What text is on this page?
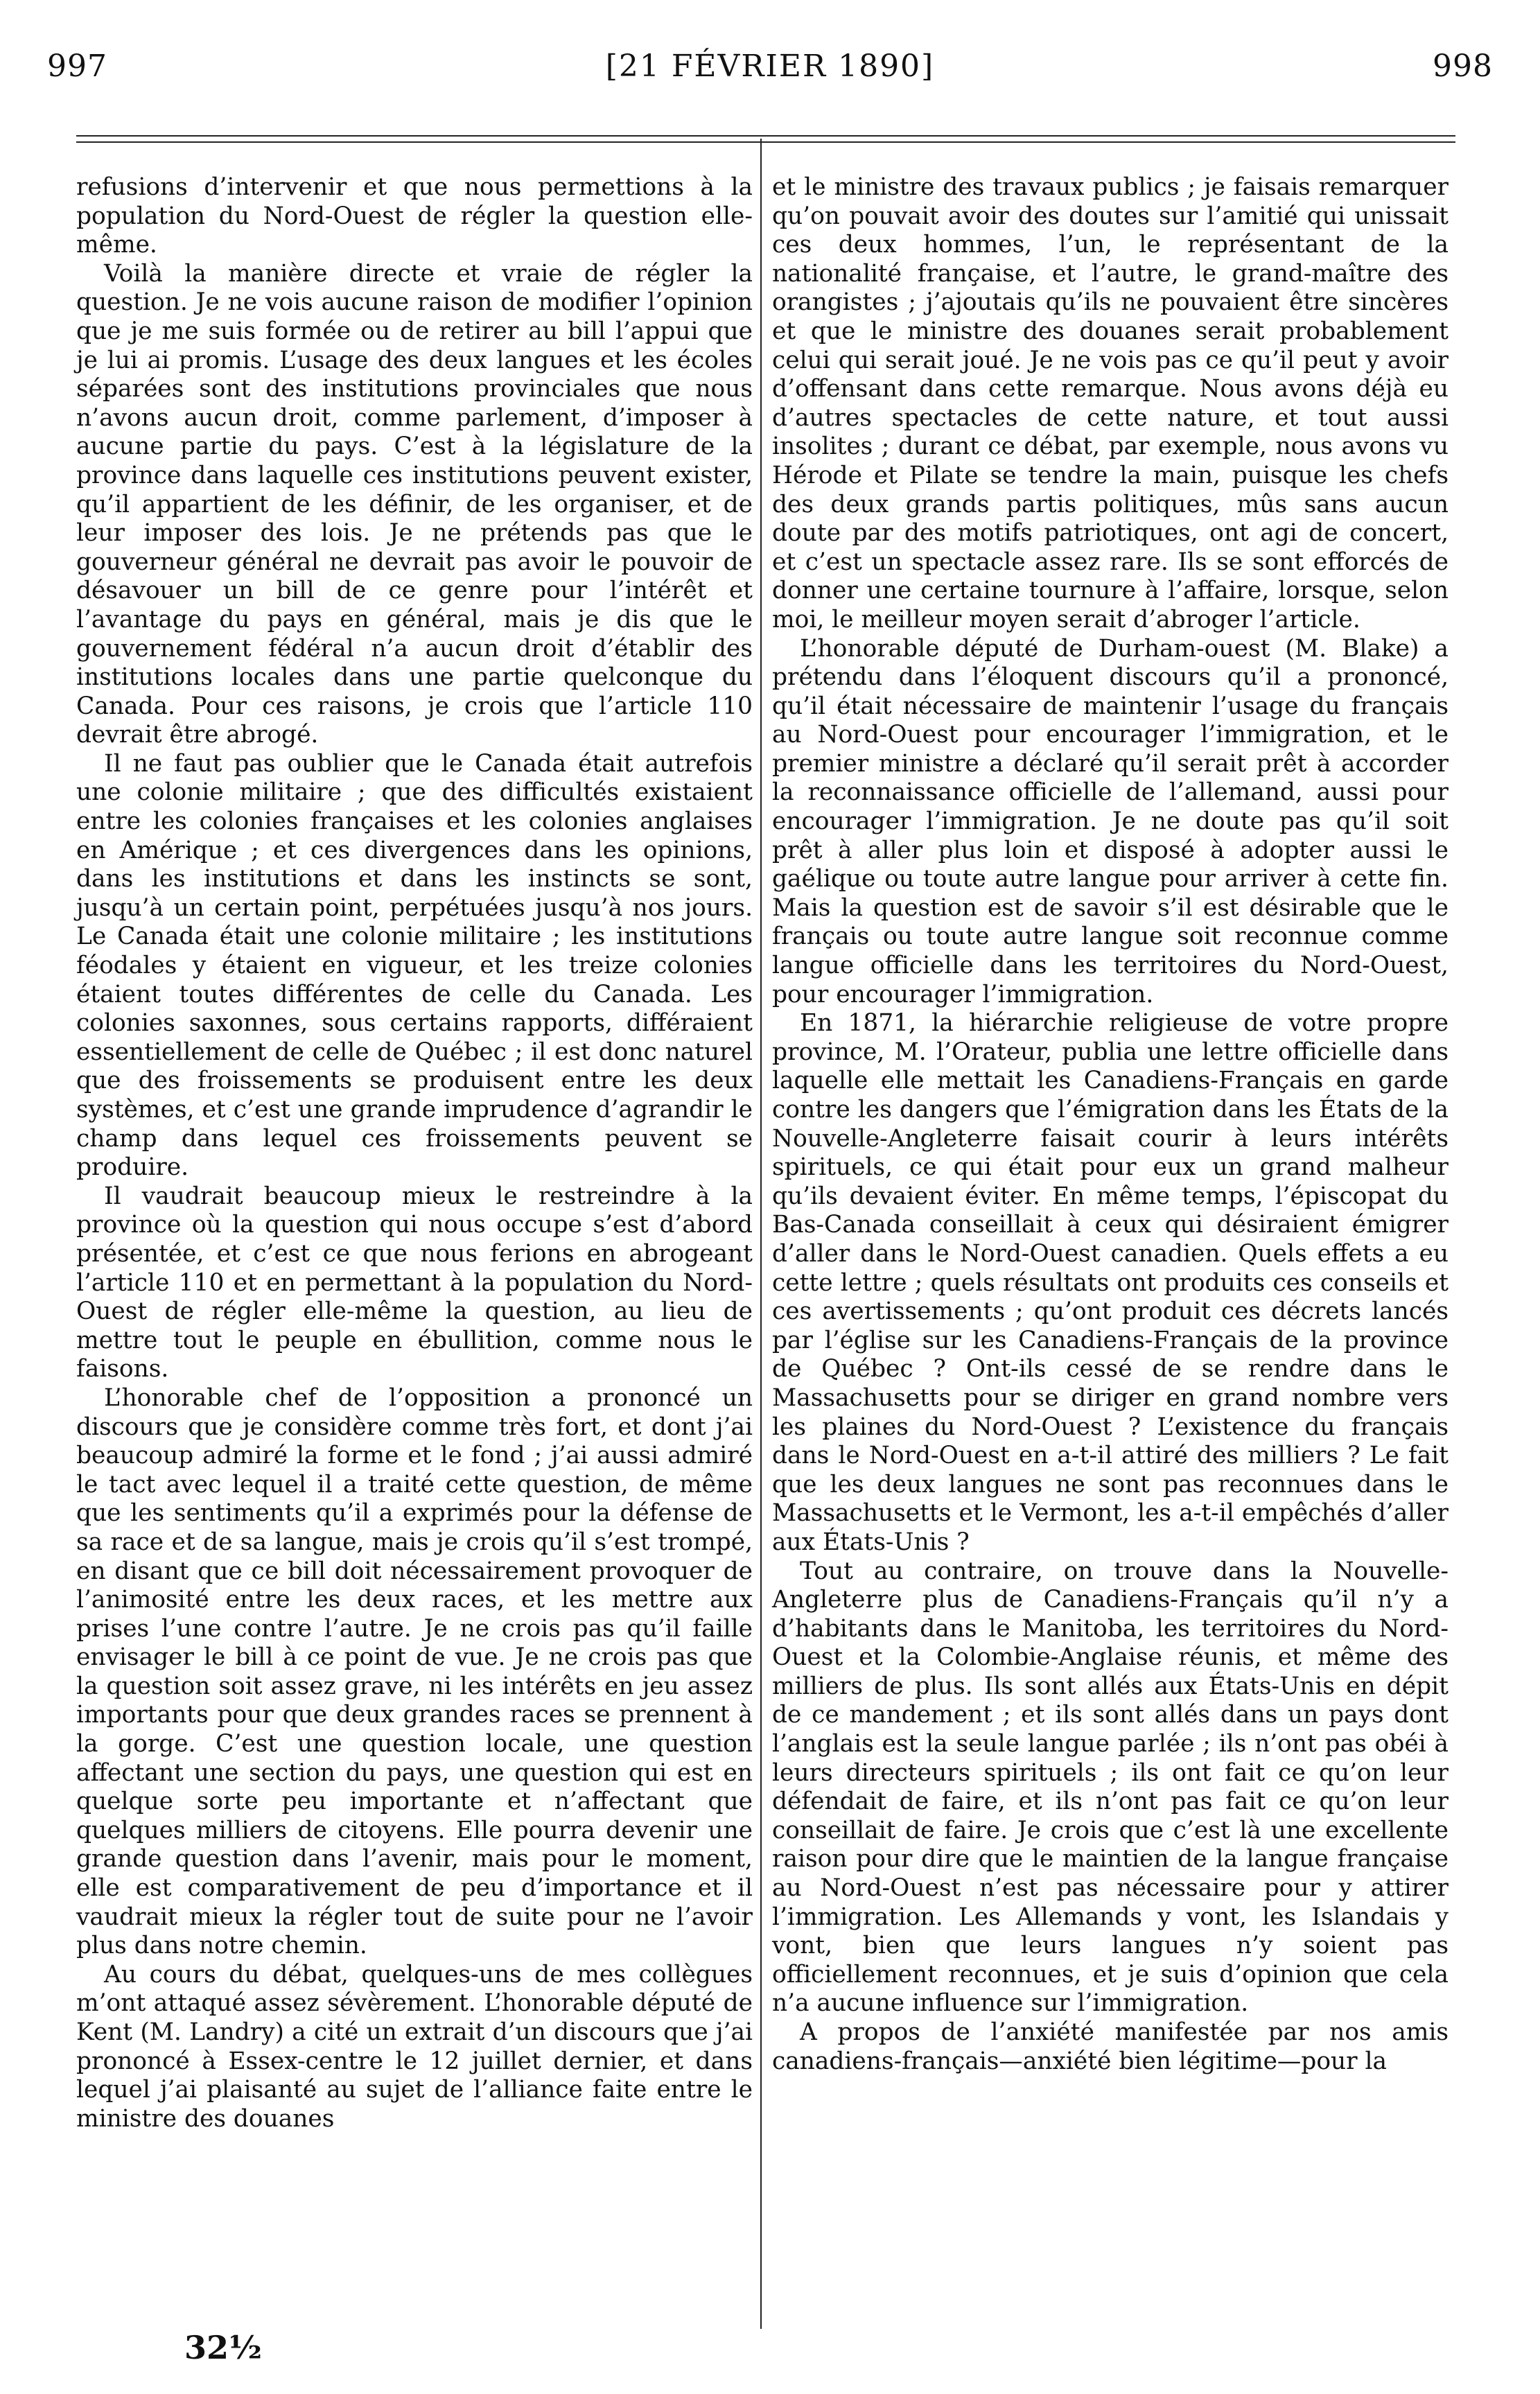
997	[21 FÉVRIER 1890]	998

refusions d’intervenir et que nous permettions à la population du Nord-Ouest de régler la question elle-même.

Voilà la manière directe et vraie de régler la question. Je ne vois aucune raison de modifier l’opinion que je me suis formée ou de retirer au bill l’appui que je lui ai promis. L’usage des deux langues et les écoles séparées sont des institutions provinciales que nous n’avons aucun droit, comme parlement, d’imposer à aucune partie du pays. C’est à la législature de la province dans laquelle ces institutions peuvent exister, qu’il appartient de les définir, de les organiser, et de leur imposer des lois. Je ne prétends pas que le gouverneur général ne devrait pas avoir le pouvoir de désavouer un bill de ce genre pour l’intérêt et l’avantage du pays en général, mais je dis que le gouvernement fédéral n’a aucun droit d’établir des institutions locales dans une partie quelconque du Canada. Pour ces raisons, je crois que l’article 110 devrait être abrogé.

Il ne faut pas oublier que le Canada était autrefois une colonie militaire ; que des difficultés existaient entre les colonies françaises et les colonies anglaises en Amérique ; et ces divergences dans les opinions, dans les institutions et dans les instincts se sont, jusqu’à un certain point, perpétuées jusqu’à nos jours. Le Canada était une colonie militaire ; les institutions féodales y étaient en vigueur, et les treize colonies étaient toutes différentes de celle du Canada. Les colonies saxonnes, sous certains rapports, différaient essentiellement de celle de Québec ; il est donc naturel que des froissements se produisent entre les deux systèmes, et c’est une grande imprudence d’agrandir le champ dans lequel ces froissements peuvent se produire.

Il vaudrait beaucoup mieux le restreindre à la province où la question qui nous occupe s’est d’abord présentée, et c’est ce que nous ferions en abrogeant l’article 110 et en permettant à la population du Nord-Ouest de régler elle-même la question, au lieu de mettre tout le peuple en ébullition, comme nous le faisons.

L’honorable chef de l’opposition a prononcé un discours que je considère comme très fort, et dont j’ai beaucoup admiré la forme et le fond ; j’ai aussi admiré le tact avec lequel il a traité cette question, de même que les sentiments qu’il a exprimés pour la défense de sa race et de sa langue, mais je crois qu’il s’est trompé, en disant que ce bill doit nécessairement provoquer de l’animosité entre les deux races, et les mettre aux prises l’une contre l’autre. Je ne crois pas qu’il faille envisager le bill à ce point de vue. Je ne crois pas que la question soit assez grave, ni les intérêts en jeu assez importants pour que deux grandes races se prennent à la gorge. C’est une question locale, une question affectant une section du pays, une question qui est en quelque sorte peu importante et n’affectant que quelques milliers de citoyens. Elle pourra devenir une grande question dans l’avenir, mais pour le moment, elle est comparativement de peu d’importance et il vaudrait mieux la régler tout de suite pour ne l’avoir plus dans notre chemin.

Au cours du débat, quelques-uns de mes collègues m’ont attaqué assez sévèrement. L’honorable député de Kent (M. Landry) a cité un extrait d’un discours que j’ai prononcé à Essex-centre le 12 juillet dernier, et dans lequel j’ai plaisanté au sujet de l’alliance faite entre le ministre des douanes

et le ministre des travaux publics ; je faisais remarquer qu’on pouvait avoir des doutes sur l’amitié qui unissait ces deux hommes, l’un, le représentant de la nationalité française, et l’autre, le grand-maître des orangistes ; j’ajoutais qu’ils ne pouvaient être sincères et que le ministre des douanes serait probablement celui qui serait joué. Je ne vois pas ce qu’il peut y avoir d’offensant dans cette remarque. Nous avons déjà eu d’autres spectacles de cette nature, et tout aussi insolites ; durant ce débat, par exemple, nous avons vu Hérode et Pilate se tendre la main, puisque les chefs des deux grands partis politiques, mûs sans aucun doute par des motifs patriotiques, ont agi de concert, et c’est un spectacle assez rare. Ils se sont efforcés de donner une certaine tournure à l’affaire, lorsque, selon moi, le meilleur moyen serait d’abroger l’article.

L’honorable député de Durham-ouest (M. Blake) a prétendu dans l’éloquent discours qu’il a prononcé, qu’il était nécessaire de maintenir l’usage du français au Nord-Ouest pour encourager l’immigration, et le premier ministre a déclaré qu’il serait prêt à accorder la reconnaissance officielle de l’allemand, aussi pour encourager l’immigration. Je ne doute pas qu’il soit prêt à aller plus loin et disposé à adopter aussi le gaélique ou toute autre langue pour arriver à cette fin. Mais la question est de savoir s’il est désirable que le français ou toute autre langue soit reconnue comme langue officielle dans les territoires du Nord-Ouest, pour encourager l’immigration.

En 1871, la hiérarchie religieuse de votre propre province, M. l’Orateur, publia une lettre officielle dans laquelle elle mettait les Canadiens-Français en garde contre les dangers que l’émigration dans les États de la Nouvelle-Angleterre faisait courir à leurs intérêts spirituels, ce qui était pour eux un grand malheur qu’ils devaient éviter. En même temps, l’épiscopat du Bas-Canada conseillait à ceux qui désiraient émigrer d’aller dans le Nord-Ouest canadien. Quels effets a eu cette lettre ; quels résultats ont produits ces conseils et ces avertissements ; qu’ont produit ces décrets lancés par l’église sur les Canadiens-Français de la province de Québec ? Ont-ils cessé de se rendre dans le Massachusetts pour se diriger en grand nombre vers les plaines du Nord-Ouest ? L’existence du français dans le Nord-Ouest en a-t-il attiré des milliers ? Le fait que les deux langues ne sont pas reconnues dans le Massachusetts et le Vermont, les a-t-il empêchés d’aller aux États-Unis ?

Tout au contraire, on trouve dans la Nouvelle-Angleterre plus de Canadiens-Français qu’il n’y a d’habitants dans le Manitoba, les territoires du Nord-Ouest et la Colombie-Anglaise réunis, et même des milliers de plus. Ils sont allés aux États-Unis en dépit de ce mandement ; et ils sont allés dans un pays dont l’anglais est la seule langue parlée ; ils n’ont pas obéi à leurs directeurs spirituels ; ils ont fait ce qu’on leur défendait de faire, et ils n’ont pas fait ce qu’on leur conseillait de faire. Je crois que c’est là une excellente raison pour dire que le maintien de la langue française au Nord-Ouest n’est pas nécessaire pour y attirer l’immigration. Les Allemands y vont, les Islandais y vont, bien que leurs langues n’y soient pas officiellement reconnues, et je suis d’opinion que cela n’a aucune influence sur l’immigration.

A propos de l’anxiété manifestée par nos amis canadiens-français—anxiété bien légitime—pour la

32½
